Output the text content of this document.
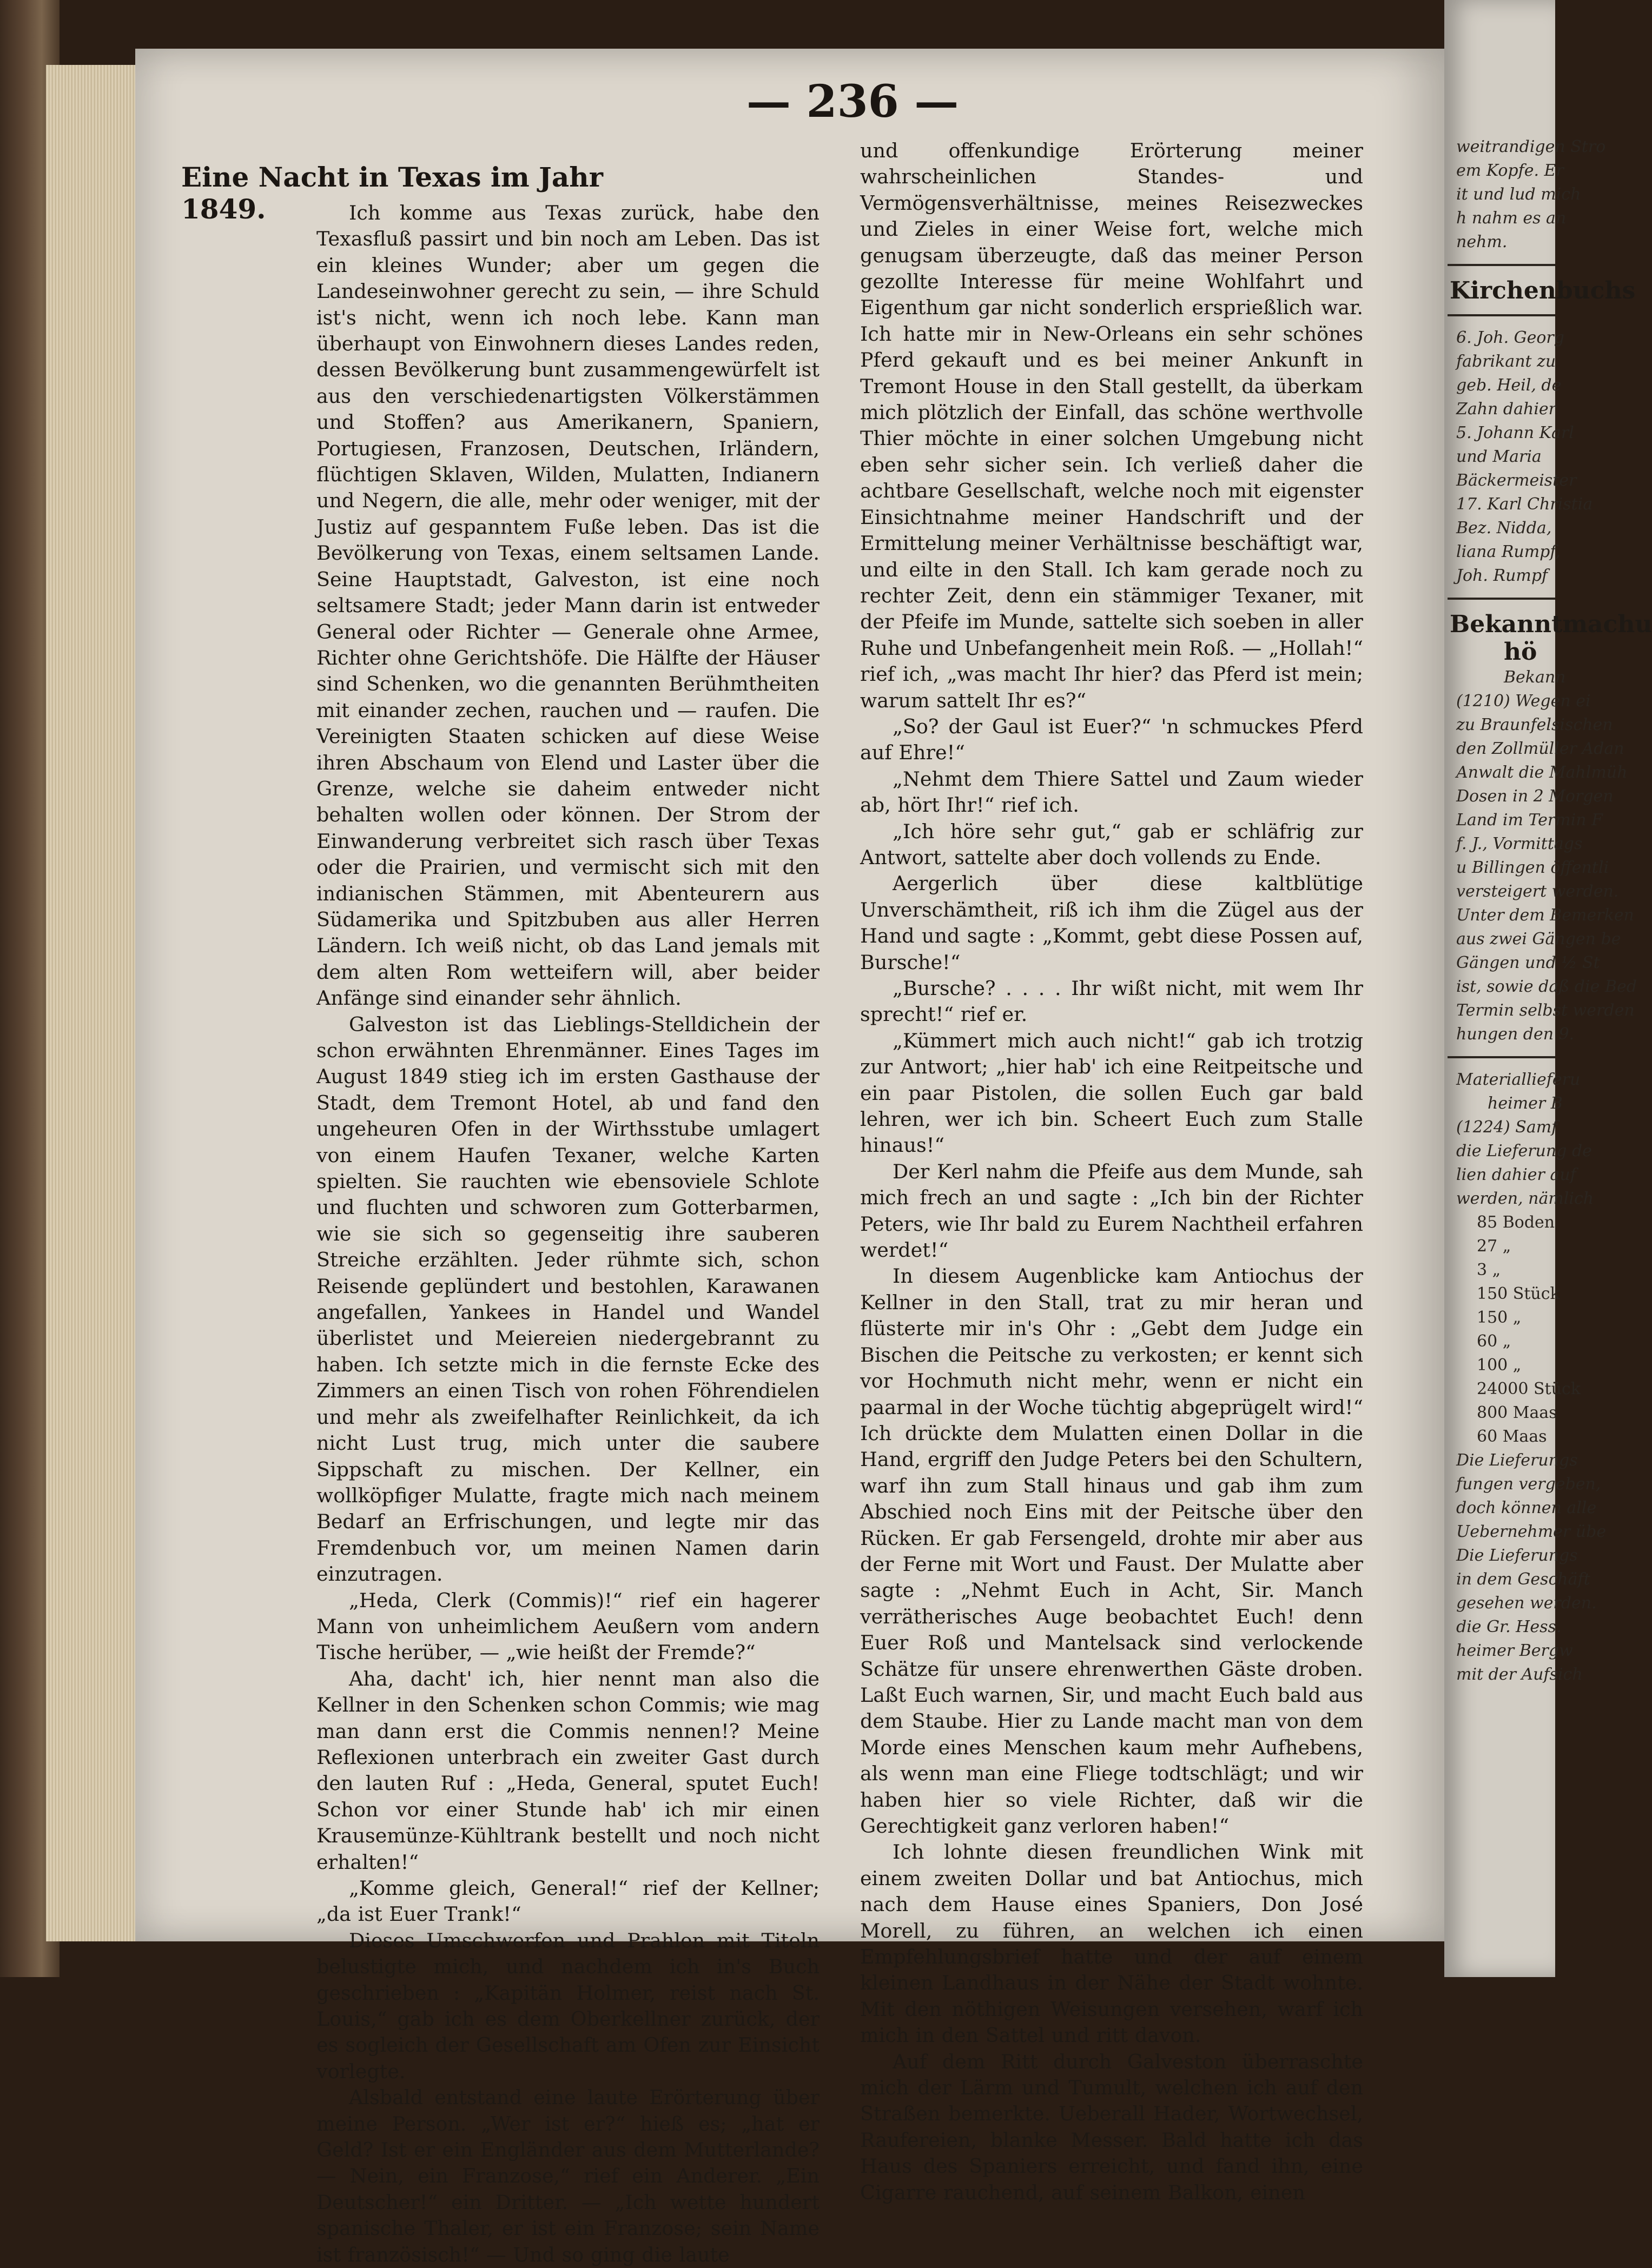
— 236 —
Eine Nacht in Texas im Jahr 1849.	Ich komme aus Texas zurück, habe den Texasfluß passirt und bin noch am Leben. Das ist ein kleines Wunder; aber um gegen die Landeseinwohner gerecht zu sein, — ihre Schuld ist's nicht, wenn ich noch lebe. Kann man überhaupt von Einwohnern dieses Landes reden, dessen Bevölkerung bunt zusammengewürfelt ist aus den verschiedenartigsten Völkerstämmen und Stoffen? aus Amerikanern, Spaniern, Portugiesen, Franzosen, Deutschen, Irländern, flüchtigen Sklaven, Wilden, Mulatten, Indianern und Negern, die alle, mehr oder weniger, mit der Justiz auf gespanntem Fuße leben. Das ist die Bevölkerung von Texas, einem seltsamen Lande. Seine Hauptstadt, Galveston, ist eine noch seltsamere Stadt; jeder Mann darin ist entweder General oder Richter — Generale ohne Armee, Richter ohne Gerichtshöfe. Die Hälfte der Häuser sind Schenken, wo die genannten Berühmtheiten mit einander zechen, rauchen und — raufen. Die Vereinigten Staaten schicken auf diese Weise ihren Abschaum von Elend und Laster über die Grenze, welche sie daheim entweder nicht behalten wollen oder können. Der Strom der Einwanderung verbreitet sich rasch über Texas oder die Prairien, und vermischt sich mit den indianischen Stämmen, mit Abenteurern aus Südamerika und Spitzbuben aus aller Herren Ländern. Ich weiß nicht, ob das Land jemals mit dem alten Rom wetteifern will, aber beider Anfänge sind einander sehr ähnlich.

Galveston ist das Lieblings-Stelldichein der schon erwähnten Ehrenmänner. Eines Tages im August 1849 stieg ich im ersten Gasthause der Stadt, dem Tremont Hotel, ab und fand den ungeheuren Ofen in der Wirthsstube umlagert von einem Haufen Texaner, welche Karten spielten. Sie rauchten wie ebensoviele Schlote und fluchten und schworen zum Gotterbarmen, wie sie sich so gegenseitig ihre sauberen Streiche erzählten. Jeder rühmte sich, schon Reisende geplündert und bestohlen, Karawanen angefallen, Yankees in Handel und Wandel überlistet und Meiereien niedergebrannt zu haben. Ich setzte mich in die fernste Ecke des Zimmers an einen Tisch von rohen Föhrendielen und mehr als zweifelhafter Reinlichkeit, da ich nicht Lust trug, mich unter die saubere Sippschaft zu mischen. Der Kellner, ein wollköpfiger Mulatte, fragte mich nach meinem Bedarf an Erfrischungen, und legte mir das Fremdenbuch vor, um meinen Namen darin einzutragen.

„Heda, Clerk (Commis)!“ rief ein hagerer Mann von unheimlichem Aeußern vom andern Tische herüber, — „wie heißt der Fremde?“

Aha, dacht' ich, hier nennt man also die Kellner in den Schenken schon Commis; wie mag man dann erst die Commis nennen!? Meine Reflexionen unterbrach ein zweiter Gast durch den lauten Ruf : „Heda, General, sputet Euch! Schon vor einer Stunde hab' ich mir einen Krausemünze-Kühltrank bestellt und noch nicht erhalten!“

„Komme gleich, General!“ rief der Kellner; „da ist Euer Trank!“

Dieses Umschwerfen und Prahlen mit Titeln belustigte mich, und nachdem ich in's Buch geschrieben : „Kapitän Holmer, reist nach St. Louis,“ gab ich es dem Oberkellner zurück, der es sogleich der Gesellschaft am Ofen zur Einsicht vorlegte.

Alsbald entstand eine laute Erörterung über meine Person. „Wer ist er?“ hieß es; „hat er Geld? Ist er ein Engländer aus dem Mutterlande? — Nein, ein Franzose,“ rief ein Anderer. „Ein Deutscher!“ ein Dritter. — „Ich wette hundert spanische Thaler, er ist ein Franzose; sein Name ist französisch!“ — Und so ging die laute

und offenkundige Erörterung meiner wahrscheinlichen Standes- und Vermögensverhältnisse, meines Reisezweckes und Zieles in einer Weise fort, welche mich genugsam überzeugte, daß das meiner Person gezollte Interesse für meine Wohlfahrt und Eigenthum gar nicht sonderlich ersprießlich war. Ich hatte mir in New-Orleans ein sehr schönes Pferd gekauft und es bei meiner Ankunft in Tremont House in den Stall gestellt, da überkam mich plötzlich der Einfall, das schöne werthvolle Thier möchte in einer solchen Umgebung nicht eben sehr sicher sein. Ich verließ daher die achtbare Gesellschaft, welche noch mit eigenster Einsichtnahme meiner Handschrift und der Ermittelung meiner Verhältnisse beschäftigt war, und eilte in den Stall. Ich kam gerade noch zu rechter Zeit, denn ein stämmiger Texaner, mit der Pfeife im Munde, sattelte sich soeben in aller Ruhe und Unbefangenheit mein Roß. — „Hollah!“ rief ich, „was macht Ihr hier? das Pferd ist mein; warum sattelt Ihr es?“

„So? der Gaul ist Euer?“ 'n schmuckes Pferd auf Ehre!“

„Nehmt dem Thiere Sattel und Zaum wieder ab, hört Ihr!“ rief ich.

„Ich höre sehr gut,“ gab er schläfrig zur Antwort, sattelte aber doch vollends zu Ende.

Aergerlich über diese kaltblütige Unverschämtheit, riß ich ihm die Zügel aus der Hand und sagte : „Kommt, gebt diese Possen auf, Bursche!“

„Bursche? . . . . Ihr wißt nicht, mit wem Ihr sprecht!“ rief er.

„Kümmert mich auch nicht!“ gab ich trotzig zur Antwort; „hier hab' ich eine Reitpeitsche und ein paar Pistolen, die sollen Euch gar bald lehren, wer ich bin. Scheert Euch zum Stalle hinaus!“

Der Kerl nahm die Pfeife aus dem Munde, sah mich frech an und sagte : „Ich bin der Richter Peters, wie Ihr bald zu Eurem Nachtheil erfahren werdet!“

In diesem Augenblicke kam Antiochus der Kellner in den Stall, trat zu mir heran und flüsterte mir in's Ohr : „Gebt dem Judge ein Bischen die Peitsche zu verkosten; er kennt sich vor Hochmuth nicht mehr, wenn er nicht ein paarmal in der Woche tüchtig abgeprügelt wird!“ Ich drückte dem Mulatten einen Dollar in die Hand, ergriff den Judge Peters bei den Schultern, warf ihn zum Stall hinaus und gab ihm zum Abschied noch Eins mit der Peitsche über den Rücken. Er gab Fersengeld, drohte mir aber aus der Ferne mit Wort und Faust. Der Mulatte aber sagte : „Nehmt Euch in Acht, Sir. Manch verrätherisches Auge beobachtet Euch! denn Euer Roß und Mantelsack sind verlockende Schätze für unsere ehrenwerthen Gäste droben. Laßt Euch warnen, Sir, und macht Euch bald aus dem Staube. Hier zu Lande macht man von dem Morde eines Menschen kaum mehr Aufhebens, als wenn man eine Fliege todtschlägt; und wir haben hier so viele Richter, daß wir die Gerechtigkeit ganz verloren haben!“

Ich lohnte diesen freundlichen Wink mit einem zweiten Dollar und bat Antiochus, mich nach dem Hause eines Spaniers, Don José Morell, zu führen, an welchen ich einen Empfehlungsbrief hatte und der auf einem kleinen Landhaus in der Nähe der Stadt wohnte. Mit den nöthigen Weisungen versehen, warf ich mich in den Sattel und ritt davon.

Auf dem Ritt durch Galveston überraschte mich der Lärm und Tumult, welchen ich auf den Straßen bemerkte. Ueberall Hader, Wortwechsel, Raufereien, blanke Messer. Bald hatte ich das Haus des Spaniers erreicht, und fand ihn, eine Cigarre rauchend, auf seinem Balkon, einen

weitrandigen Stro
em Kopfe. Er
it und lud mich
h nahm es an
nehm.
Kirchenbuchs
6. Joh. Georg
fabrikant zu
geb. Heil, de
Zahn dahier
5. Johann Karl
und Maria
Bäckermeister
17. Karl Christia
Bez. Nidda,
liana Rumpf,
Joh. Rumpf
Bekanntmachu
hö
Bekann
(1210) Wegen ei
zu Braunfelsischen
den Zollmüller Adan
Anwalt die Mahlmüh
Dosen in 2 Morgen
Land im Termin F
f. J., Vormittags
u Billingen öffentli
versteigert werden.
Unter dem Bemerken
aus zwei Gängen be
Gängen und ½ St
ist, sowie daß die Bed
Termin selbst werden
hungen den 9.
Materiallieferu
heimer B
(1224) Samf
die Lieferung de
lien dahier auf
werden, nämlich
85 Boden
27 „
3 „
150 Stück
150 „
60 „
100 „
24000 Stück
800 Maas
60 Maas
Die Lieferungs
fungen vergeben,
doch können alle
Uebernehmer übe
Die Lieferungs
in dem Geschäft
gesehen werden.
die Gr. Hess.
heimer Bergw
mit der Aufsich
